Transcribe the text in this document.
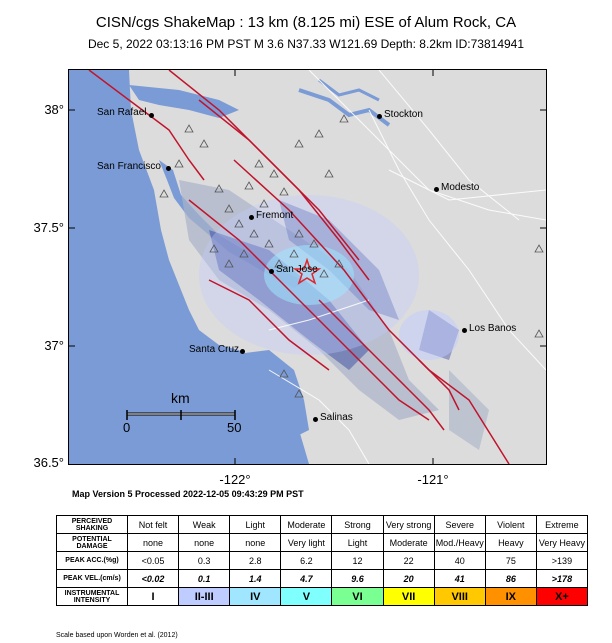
CISN/cgs ShakeMap : 13 km (8.125 mi) ESE of Alum Rock, CA
Dec 5, 2022 03:13:16 PM PST M 3.6 N37.33 W121.69 Depth: 8.2km ID:73814941
San Rafael	Stockton
San Francisco
Modesto
Fremont
San Jose
Los Banos
Santa Cruz
Salinas
km
0	50
38°
37.5°
37°
36.5°
-122°	-121°
Map Version 5 Processed 2022-12-05 09:43:29 PM PST
PERCEIVED
SHAKING	Not felt	Weak	Light	Moderate	Strong	Very strong	Severe	Violent	Extreme
POTENTIAL
DAMAGE	none	none	none	Very light	Light	Moderate	Mod./Heavy	Heavy	Very Heavy
PEAK ACC.(%g)	<0.05	0.3	2.8	6.2	12	22	40	75	>139
PEAK VEL.(cm/s)	<0.02	0.1	1.4	4.7	9.6	20	41	86	>178
INSTRUMENTAL
INTENSITY	I	II-III	IV	V	VI	VII	VIII	IX	X+
Scale based upon Worden et al. (2012)
